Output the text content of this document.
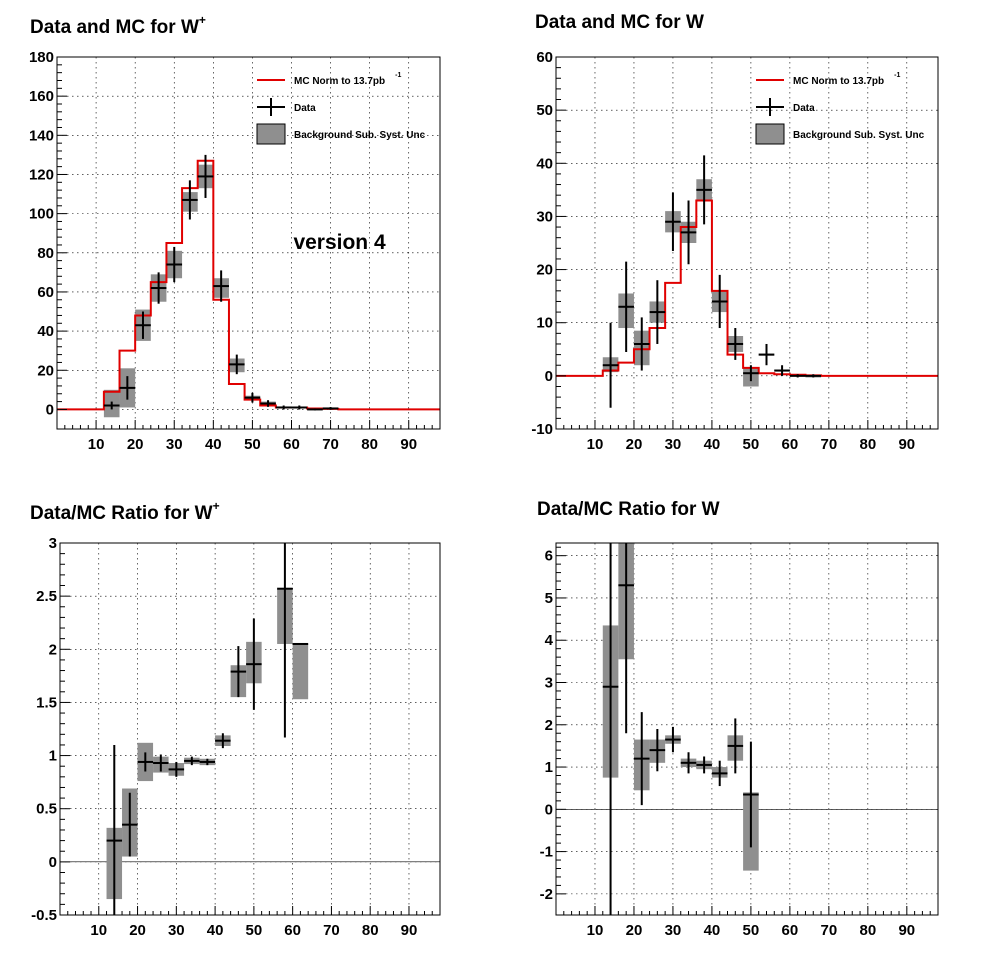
Data and MC for W+
10 20 30 40 50 60 70 80 90
0
20
40
60
80
100
120
140
160
180
MC Norm to 13.7pb
-1
Data
Background Sub. Syst. Unc
version 4
Data and MC for W
10 20 30 40 50 60 70 80 90
-10
0
10
20
30
40
50
60
MC Norm to 13.7pb
-1
Data
Background Sub. Syst. Unc
Data/MC Ratio for W+
10 20 30 40 50 60 70 80 90
-0.5
0
0.5
1
1.5
2
2.5
3
Data/MC Ratio for W
10 20 30 40 50 60 70 80 90
-2
-1
0
1
2
3
4
5
6
